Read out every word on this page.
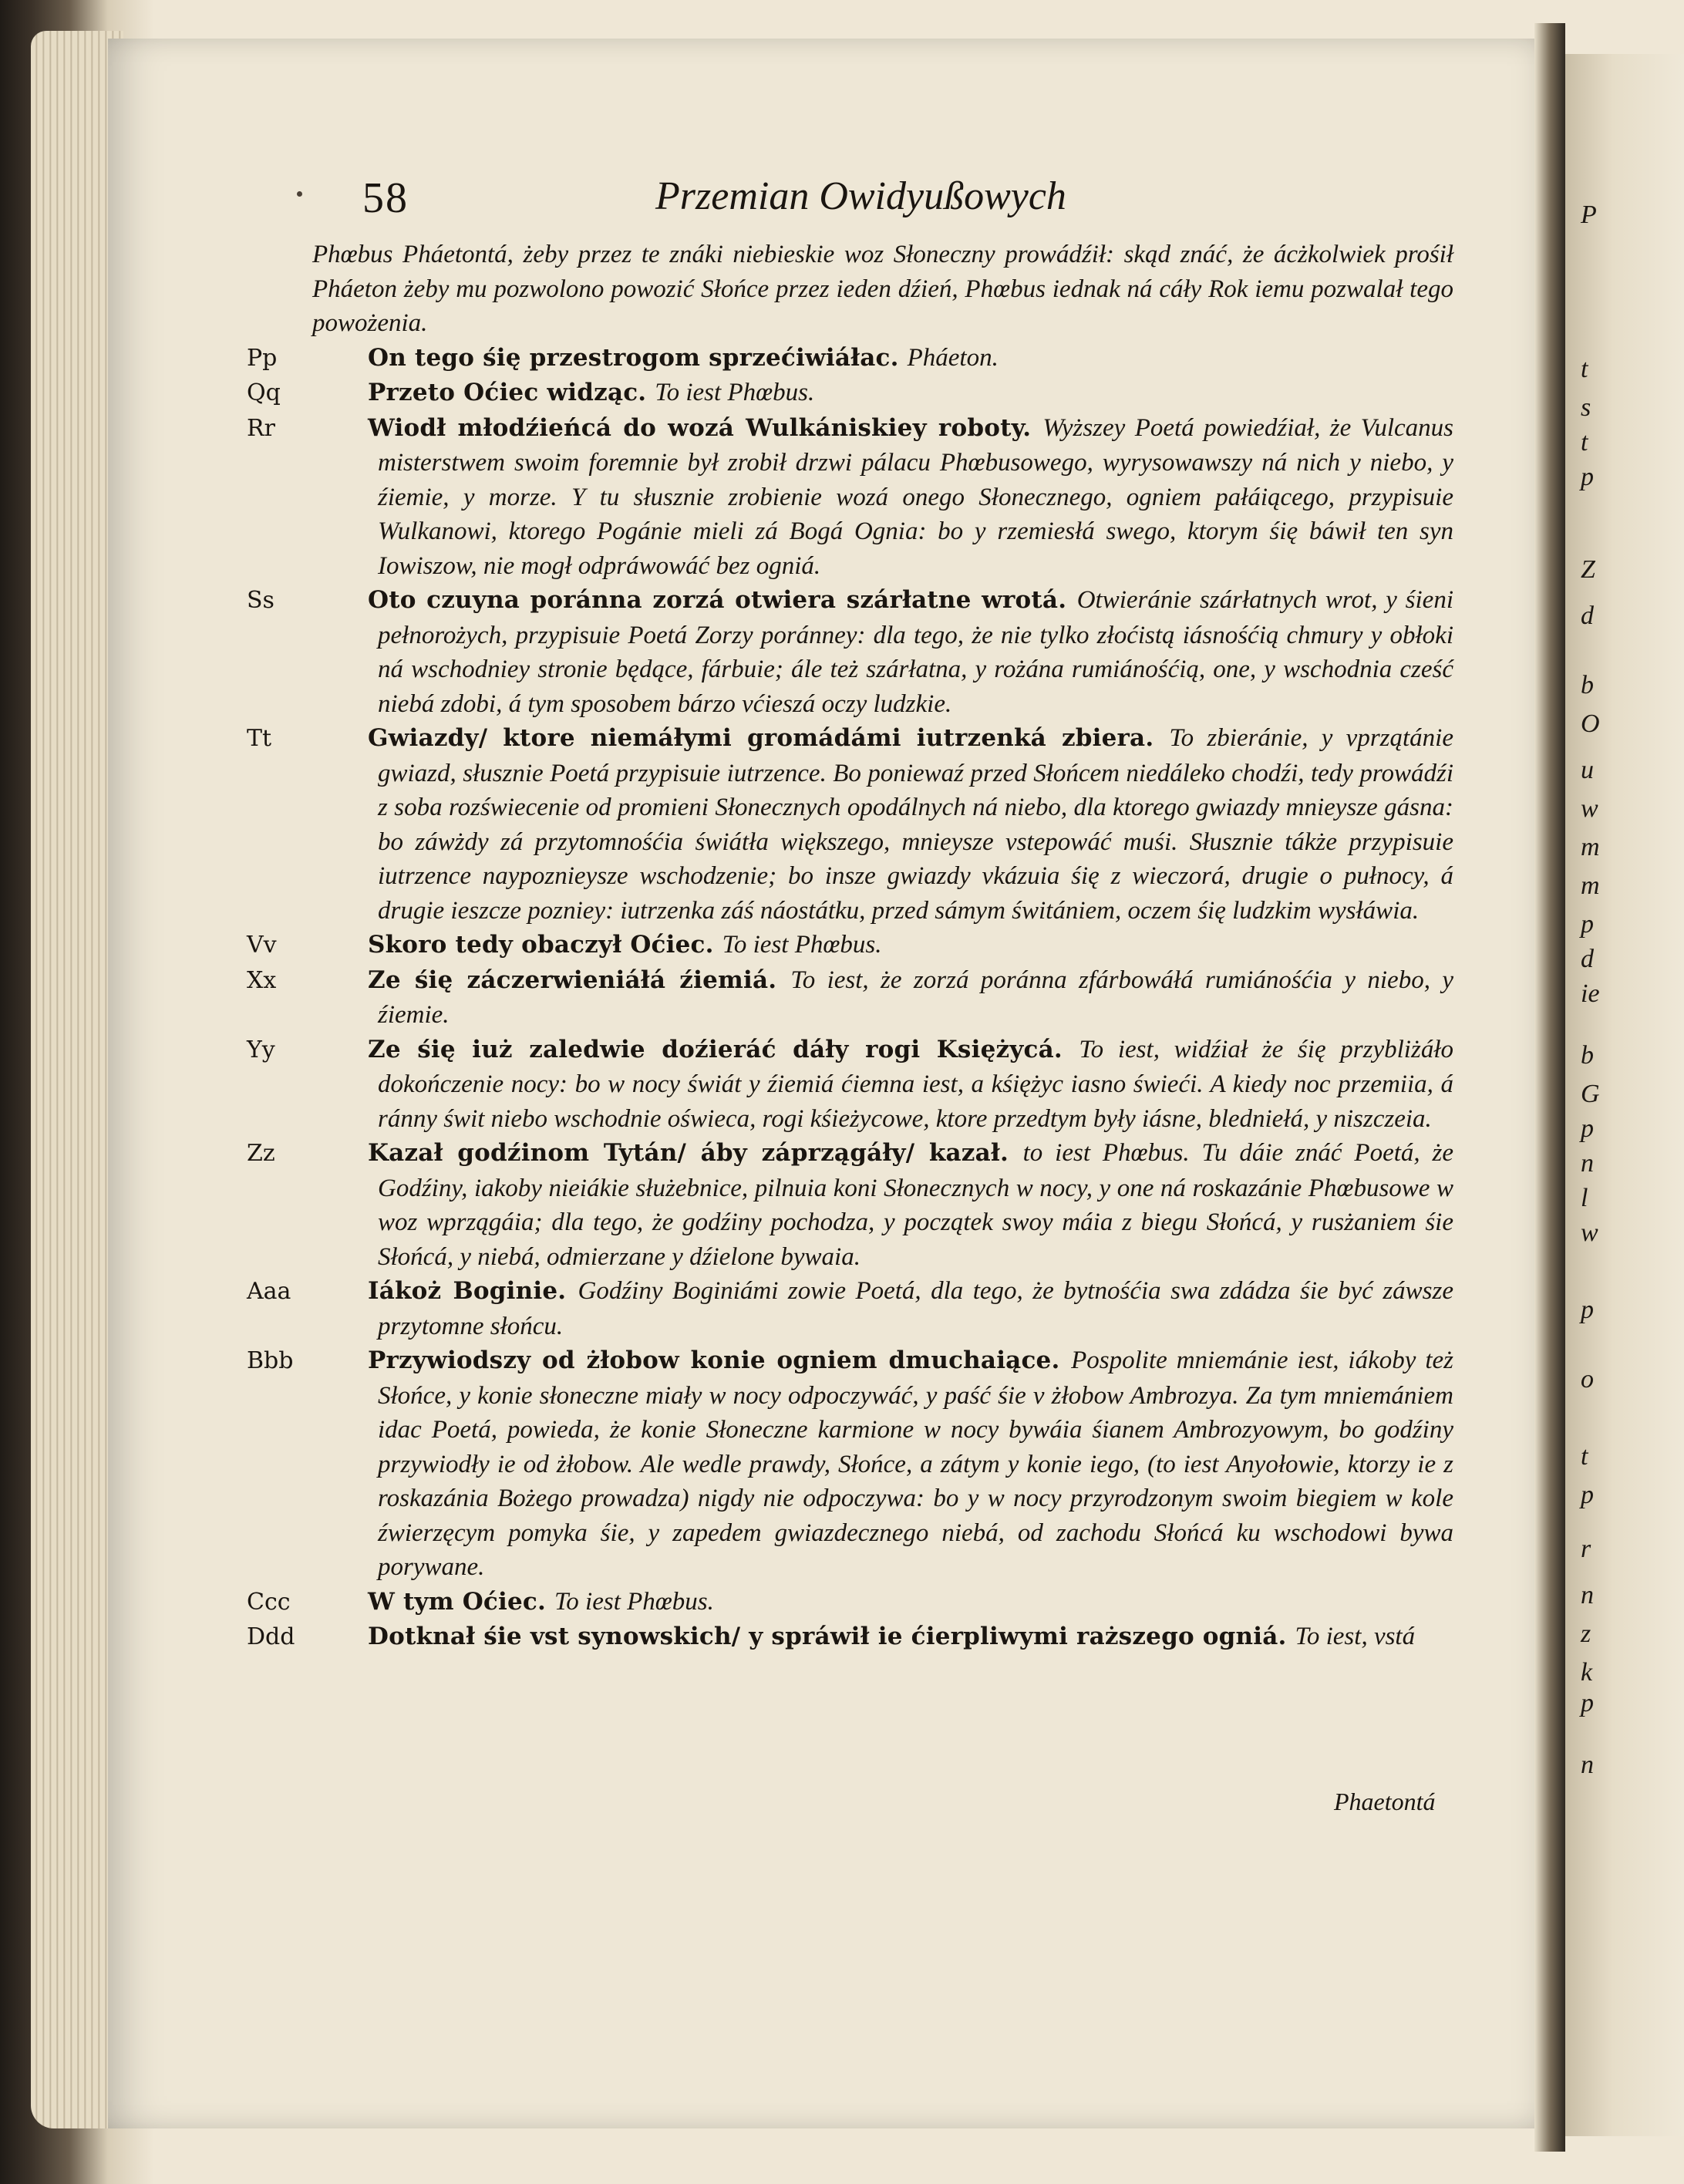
P
t
s
t
p
Z
d
b
O
u
w
m
m
p
d
ie
b
G
p
n
l
w
p
o
t
p
r
n
z
k
p
n
58	Przemian Owidyußowych

Phœbus Pháetontá, żeby przez te znáki niebieskie woz Słoneczny prowádźił: skąd znáć, że ácżkolwiek prośił Pháeton żeby mu pozwolono powozić Słońce przez ieden dźień, Phœbus iednak ná cáły Rok iemu pozwalał tego powożenia.

Pp	On tego śię przestrogom sprzećiwiáłac. Pháeton.

Qq	Przeto Oćiec widząc. To iest Phœbus.

Rr	Wiodł młodźieńcá do wozá Wulkániskiey roboty. Wyższey Poetá powiedźiał, że Vulcanus misterstwem swoim foremnie był zrobił drzwi pálacu Phœbusowego, wyrysowawszy ná nich y niebo, y źiemie, y morze. Y tu słusznie zrobienie wozá onego Słonecznego, ogniem pałáiącego, przypisuie Wulkanowi, ktorego Pogánie mieli zá Bogá Ognia: bo y rzemiesłá swego, ktorym śię báwił ten syn Iowiszow, nie mogł odpráwowáć bez ogniá.

Ss	Oto czuyna poránna zorzá otwiera szárłatne wrotá. Otwieránie szárłatnych wrot, y śieni pełnorożych, przypisuie Poetá Zorzy poránney: dla tego, że nie tylko złoćistą iásnośćią chmury y obłoki ná wschodniey stronie będące, fárbuie; ále też szárłatna, y rożána rumiánośćią, one, y wschodnia cześć niebá zdobi, á tym sposobem bárzo vćieszá oczy ludzkie.

Tt	Gwiazdy/ ktore niemáłymi gromádámi iutrzenká zbiera. To zbieránie, y vprzątánie gwiazd, słusznie Poetá przypisuie iutrzence. Bo poniewaź przed Słońcem niedáleko chodźi, tedy prowádźi z soba rozświecenie od promieni Słonecznych opodálnych ná niebo, dla ktorego gwiazdy mnieysze gásna: bo záwżdy zá przytomnośćia świátła większego, mnieysze vstepowáć muśi. Słusznie tákże przypisuie iutrzence naypoznieysze wschodzenie; bo insze gwiazdy vkázuia śię z wieczorá, drugie o pułnocy, á drugie ieszcze pozniey: iutrzenka záś náostátku, przed sámym świtániem, oczem śię ludzkim wysłáwia.

Vv	Skoro tedy obaczył Oćiec. To iest Phœbus.

Xx	Ze śię záczerwieniáłá źiemiá. To iest, że zorzá poránna zfárbowáłá rumiánośćia y niebo, y źiemie.

Yy	Ze śię iuż zaledwie doźieráć dáły rogi Księżycá. To iest, widźiał że śię przybliżáło dokończenie nocy: bo w nocy świát y źiemiá ćiemna iest, a kśiężyc iasno świeći. A kiedy noc przemiia, á ránny świt niebo wschodnie oświeca, rogi kśieżycowe, ktore przedtym były iásne, bledniełá, y niszczeia.

Zz	Kazał godźinom Tytán/ áby záprzągáły/ kazał. to iest Phœbus. Tu dáie znáć Poetá, że Godźiny, iakoby nieiákie służebnice, pilnuia koni Słonecznych w nocy, y one ná roskazánie Phœbusowe w woz wprzągáia; dla tego, że godźiny pochodza, y początek swoy máia z biegu Słońcá, y rusżaniem śie Słońcá, y niebá, odmierzane y dźielone bywaia.

Aaa	Iákoż Boginie. Godźiny Boginiámi zowie Poetá, dla tego, że bytnośćia swa zdádza śie być záwsze przytomne słońcu.

Bbb	Przywiodszy od żłobow konie ogniem dmuchaiące. Pospolite mniemánie iest, iákoby też Słońce, y konie słoneczne miały w nocy odpoczywáć, y paść śie v żłobow Ambrozya. Za tym mniemániem idac Poetá, powieda, że konie Słoneczne karmione w nocy bywáia śianem Ambrozyowym, bo godźiny przywiodły ie od żłobow. Ale wedle prawdy, Słońce, a zátym y konie iego, (to iest Anyołowie, ktorzy ie z roskazánia Bożego prowadza) nigdy nie odpoczywa: bo y w nocy przyrodzonym swoim biegiem w kole źwierzęcym pomyka śie, y zapedem gwiazdecznego niebá, od zachodu Słońcá ku wschodowi bywa porywane.

Ccc	W tym Oćiec. To iest Phœbus.

Ddd	Dotknał śie vst synowskich/ y spráwił ie ćierpliwymi raższego ogniá. To iest, vstá

Phaetontá
